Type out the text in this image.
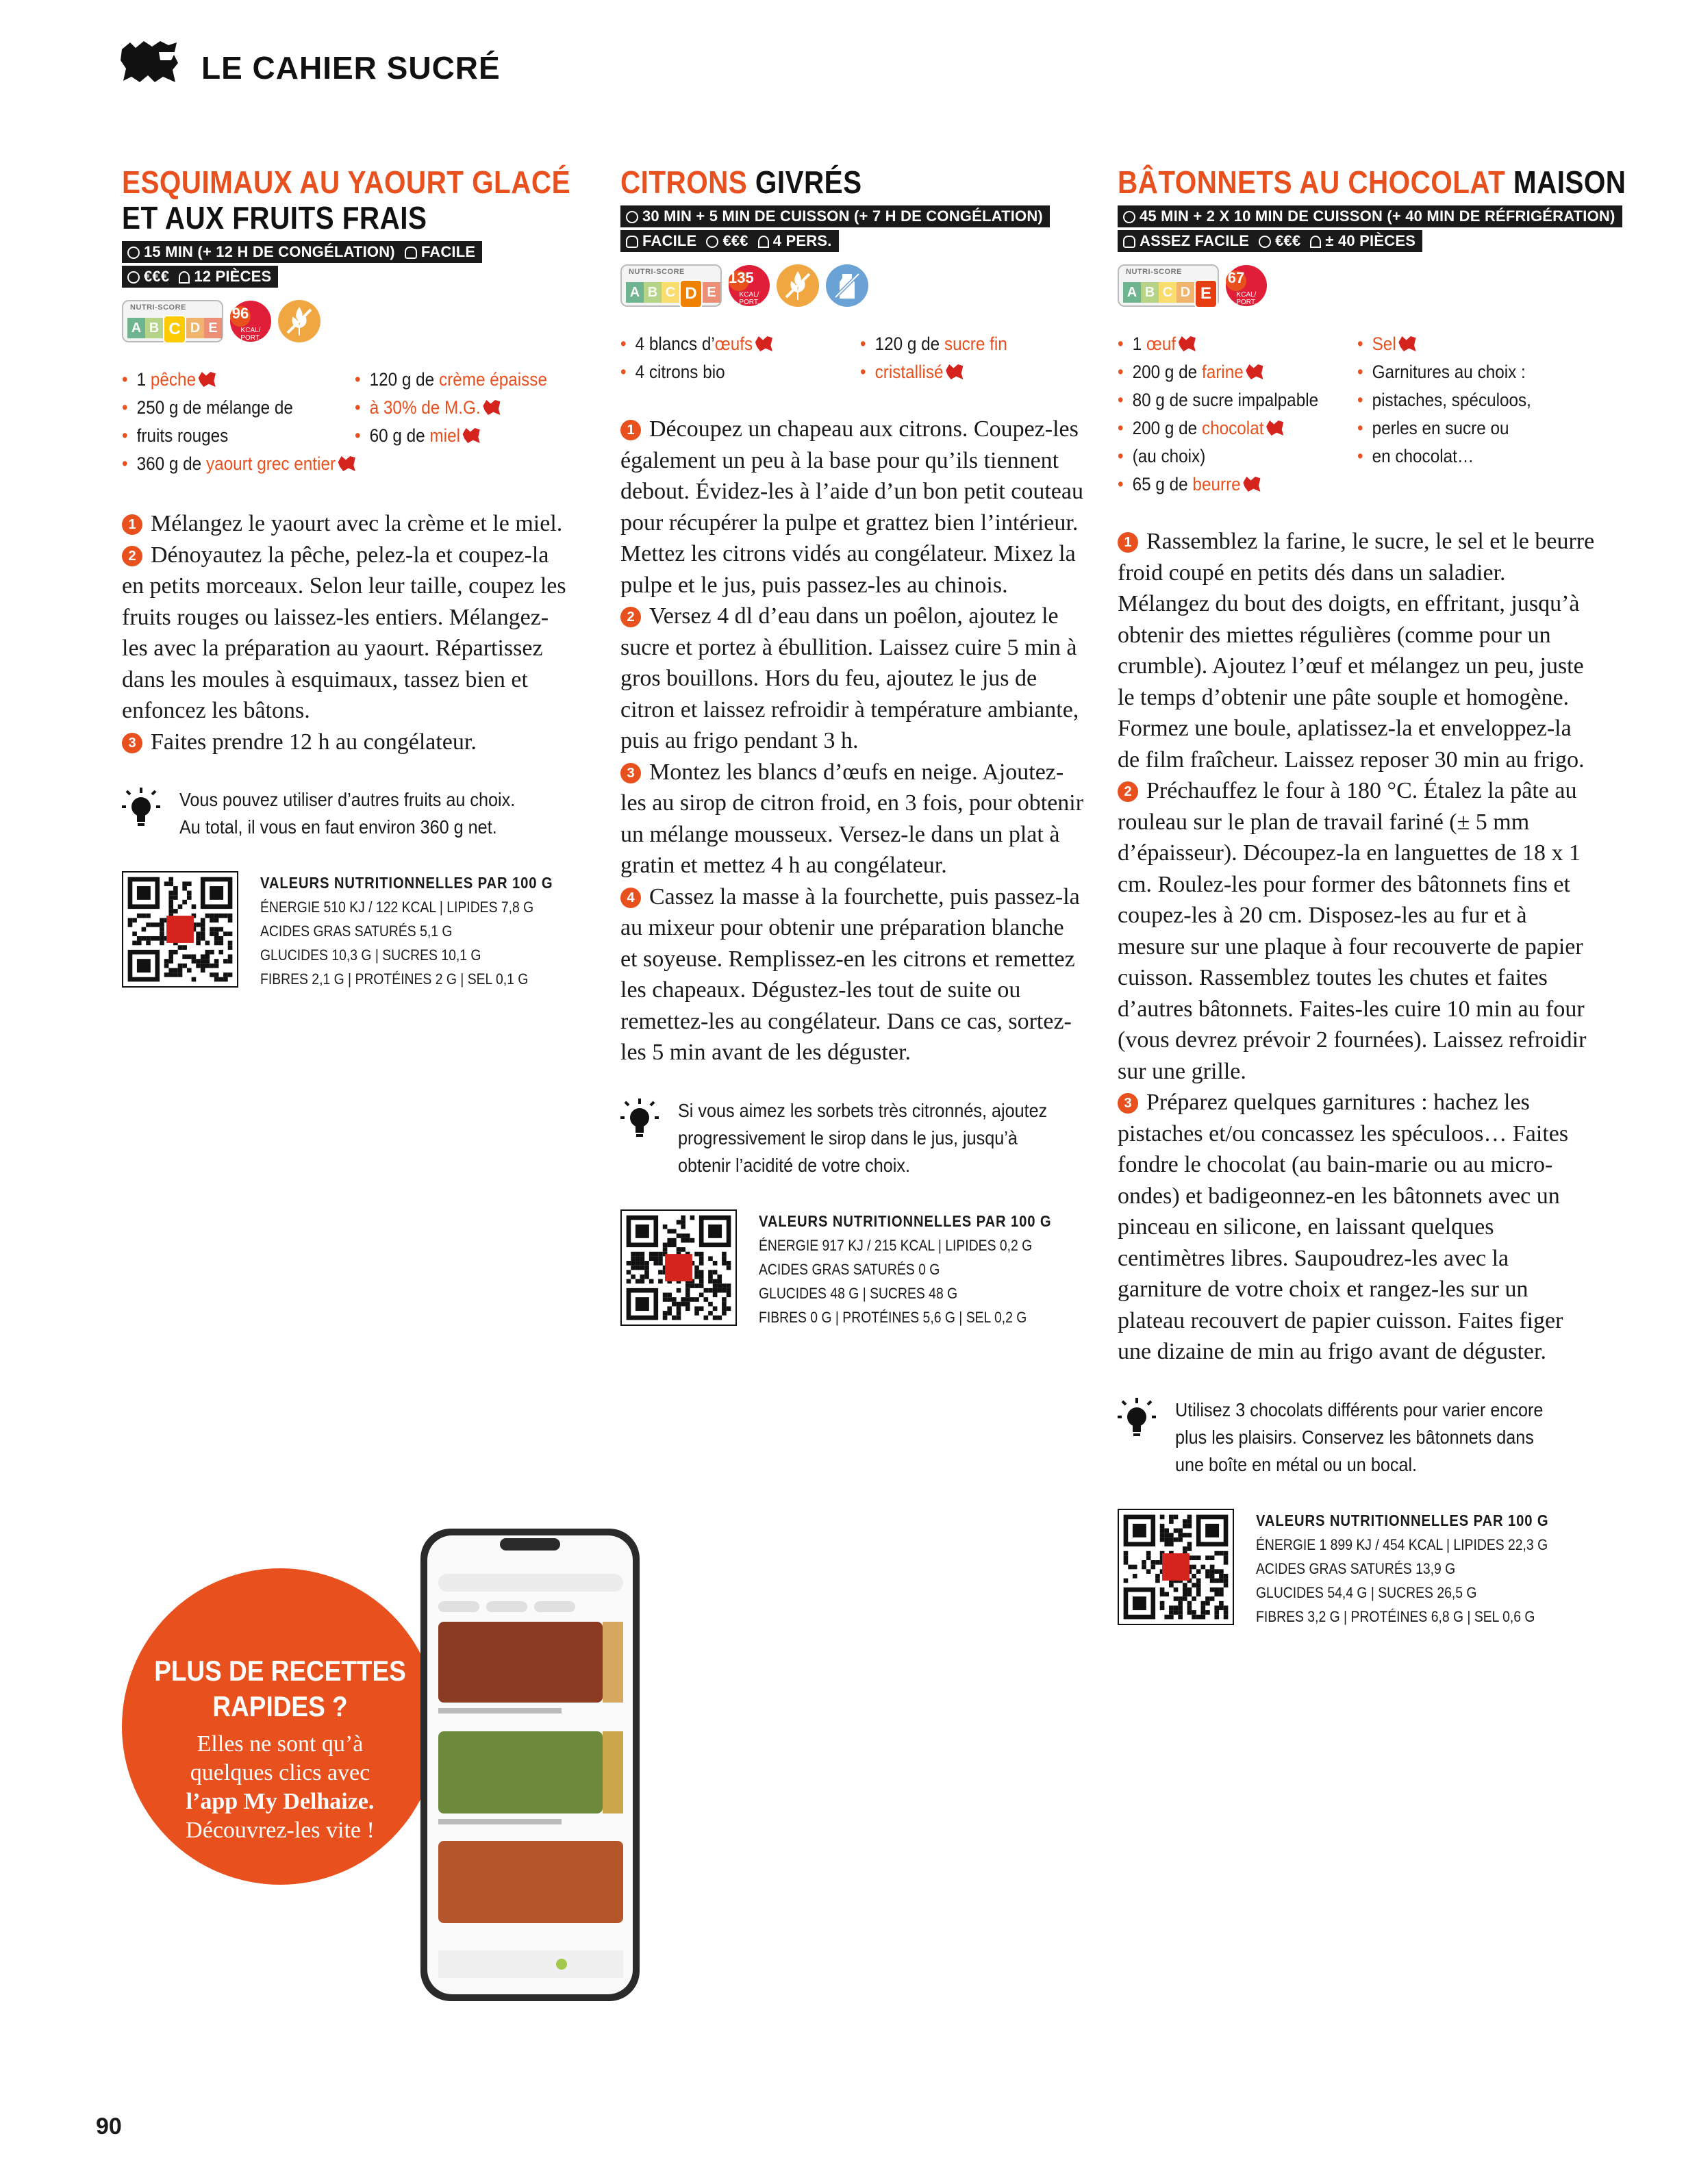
LE CAHIER SUCRÉ
ESQUIMAUX AU YAOURT GLACÉ
ET AUX FRUITS FRAIS
15 MIN (+ 12 H DE CONGÉLATION) FACILE
€€€ 12 PIÈCES
NUTRI-SCORE
A B C D E
96
KCAL/ PORT.
• 1 pêche
• 250 g de mélange de
• fruits rouges
• 360 g de yaourt grec entier
• 120 g de crème épaisse
• à 30% de M.G.
• 60 g de miel

1 Mélangez le yaourt avec la crème et le miel.

2 Dénoyautez la pêche, pelez-la et coupez-la en petits morceaux. Selon leur taille, coupez les fruits rouges ou laissez-les entiers. Mélangez-les avec la préparation au yaourt. Répartissez dans les moules à esquimaux, tassez bien et enfoncez les bâtons.

3 Faites prendre 12 h au congélateur.

Vous pouvez utiliser d’autres fruits au choix.
Au total, il vous en faut environ 360 g net.
VALEURS NUTRITIONNELLES PAR 100 G
ÉNERGIE 510 KJ / 122 KCAL | LIPIDES 7,8 G
ACIDES GRAS SATURÉS 5,1 G
GLUCIDES 10,3 G | SUCRES 10,1 G
FIBRES 2,1 G | PROTÉINES 2 G | SEL 0,1 G
CITRONS GIVRÉS
30 MIN + 5 MIN DE CUISSON (+ 7 H DE CONGÉLATION)
FACILE €€€ 4 PERS.
NUTRI-SCORE
A B C D E
135
KCAL/ PORT.
• 4 blancs d’œufs
• 4 citrons bio
• 120 g de sucre fin
• cristallisé

1 Découpez un chapeau aux citrons. Coupez-les également un peu à la base pour qu’ils tiennent debout. Évidez-les à l’aide d’un bon petit couteau pour récupérer la pulpe et grattez bien l’intérieur. Mettez les citrons vidés au congélateur. Mixez la pulpe et le jus, puis passez-les au chinois.

2 Versez 4 dl d’eau dans un poêlon, ajoutez le sucre et portez à ébullition. Laissez cuire 5 min à gros bouillons. Hors du feu, ajoutez le jus de citron et laissez refroidir à température ambiante, puis au frigo pendant 3 h.

3 Montez les blancs d’œufs en neige. Ajoutez-les au sirop de citron froid, en 3 fois, pour obtenir un mélange mousseux. Versez-le dans un plat à gratin et mettez 4 h au congélateur.

4 Cassez la masse à la fourchette, puis passez-la au mixeur pour obtenir une préparation blanche et soyeuse. Remplissez-en les citrons et remettez les chapeaux. Dégustez-les tout de suite ou remettez-les au congélateur. Dans ce cas, sortez-les 5 min avant de les déguster.

Si vous aimez les sorbets très citronnés, ajoutez
progressivement le sirop dans le jus, jusqu’à
obtenir l’acidité de votre choix.
VALEURS NUTRITIONNELLES PAR 100 G
ÉNERGIE 917 KJ / 215 KCAL | LIPIDES 0,2 G
ACIDES GRAS SATURÉS 0 G
GLUCIDES 48 G | SUCRES 48 G
FIBRES 0 G | PROTÉINES 5,6 G | SEL 0,2 G
BÂTONNETS AU CHOCOLAT MAISON
45 MIN + 2 X 10 MIN DE CUISSON (+ 40 MIN DE RÉFRIGÉRATION)
ASSEZ FACILE €€€ ± 40 PIÈCES
NUTRI-SCORE
A B C D E
67
KCAL/ PORT.
• 1 œuf
• 200 g de farine
• 80 g de sucre impalpable
• 200 g de chocolat
• (au choix)
• 65 g de beurre
• Sel
• Garnitures au choix :
• pistaches, spéculoos,
• perles en sucre ou
• en chocolat…

1 Rassemblez la farine, le sucre, le sel et le beurre froid coupé en petits dés dans un saladier. Mélangez du bout des doigts, en effritant, jusqu’à obtenir des miettes régulières (comme pour un crumble). Ajoutez l’œuf et mélangez un peu, juste le temps d’obtenir une pâte souple et homogène. Formez une boule, aplatissez-la et enveloppez-la de film fraîcheur. Laissez reposer 30 min au frigo.

2 Préchauffez le four à 180 °C. Étalez la pâte au rouleau sur le plan de travail fariné (± 5 mm d’épaisseur). Découpez-la en languettes de 18 x 1 cm. Roulez-les pour former des bâtonnets fins et coupez-les à 20 cm. Disposez-les au fur et à mesure sur une plaque à four recouverte de papier cuisson. Rassemblez toutes les chutes et faites d’autres bâtonnets. Faites-les cuire 10 min au four (vous devrez prévoir 2 fournées). Laissez refroidir sur une grille.

3 Préparez quelques garnitures : hachez les pistaches et/ou concassez les spéculoos… Faites fondre le chocolat (au bain-marie ou au micro-ondes) et badigeonnez-en les bâtonnets avec un pinceau en silicone, en laissant quelques centimètres libres. Saupoudrez-les avec la garniture de votre choix et rangez-les sur un plateau recouvert de papier cuisson. Faites figer une dizaine de min au frigo avant de déguster.

Utilisez 3 chocolats différents pour varier encore
plus les plaisirs. Conservez les bâtonnets dans
une boîte en métal ou un bocal.
VALEURS NUTRITIONNELLES PAR 100 G
ÉNERGIE 1 899 KJ / 454 KCAL | LIPIDES 22,3 G
ACIDES GRAS SATURÉS 13,9 G
GLUCIDES 54,4 G | SUCRES 26,5 G
FIBRES 3,2 G | PROTÉINES 6,8 G | SEL 0,6 G
PLUS DE RECETTES
RAPIDES ?
Elles ne sont qu’à
quelques clics avec
l’app My Delhaize.
Découvrez-les vite !
90
